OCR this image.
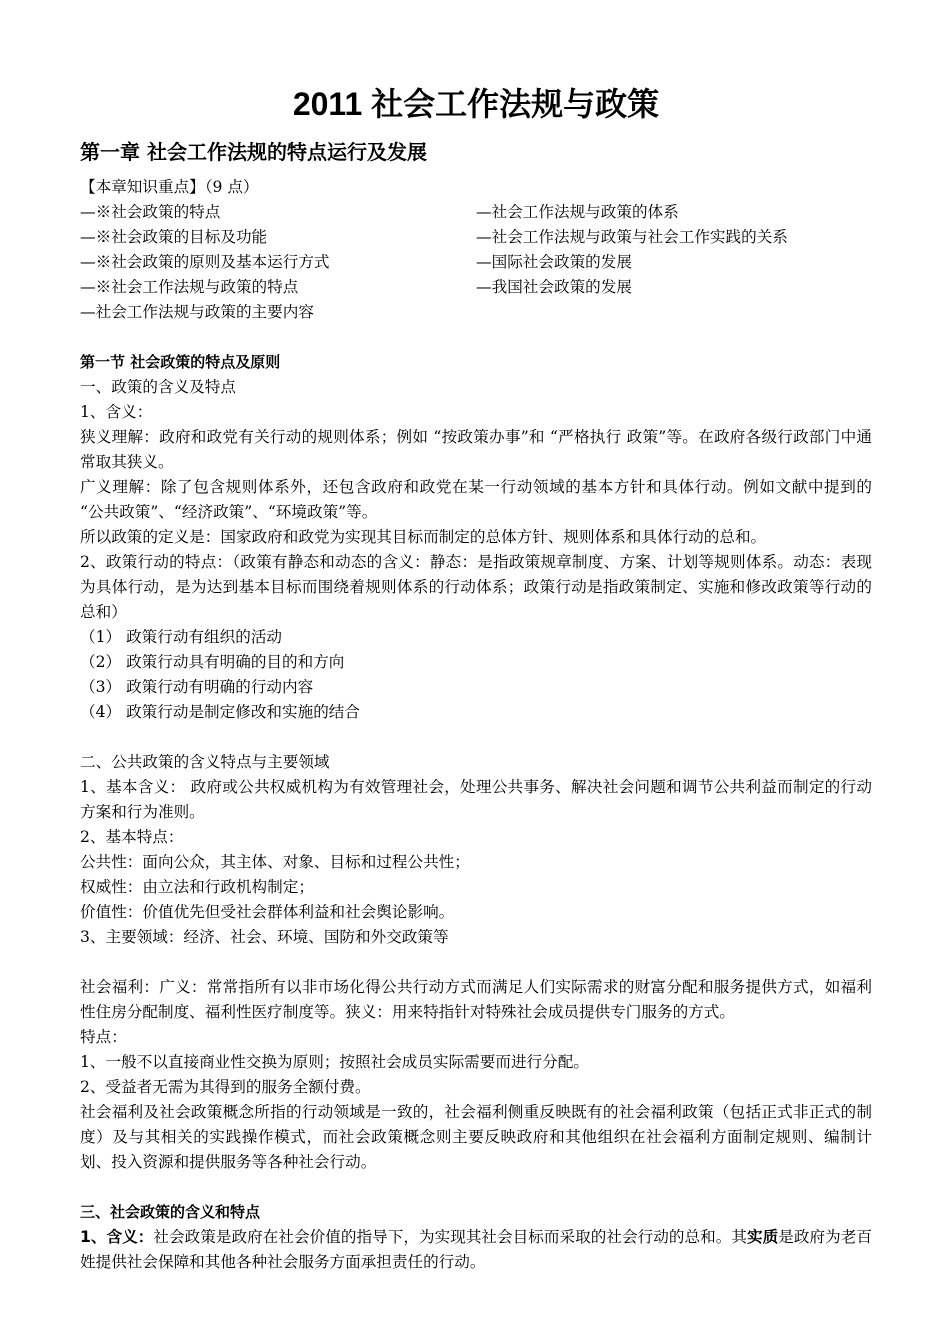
2011 社会工作法规与政策
第一章 社会工作法规的特点运行及发展

【本章知识重点】（9 点）

—※社会政策的特点

—※社会政策的目标及功能

—※社会政策的原则及基本运行方式

—※社会工作法规与政策的特点

—社会工作法规与政策的主要内容

—社会工作法规与政策的体系

—社会工作法规与政策与社会工作实践的关系

—国际社会政策的发展

—我国社会政策的发展

第一节 社会政策的特点及原则

一、政策的含义及特点

1、含义：

狭义理解：政府和政党有关行动的规则体系；例如 “按政策办事”和 “严格执行 政策”等。在政府各级行政部门中通常取其狭义。

广义理解：除了包含规则体系外，还包含政府和政党在某一行动领域的基本方针和具体行动。例如文献中提到的 “公共政策”、“经济政策”、“环境政策”等。

所以政策的定义是：国家政府和政党为实现其目标而制定的总体方针、规则体系和具体行动的总和。

2、政策行动的特点：（政策有静态和动态的含义：静态：是指政策规章制度、方案、计划等规则体系。动态：表现为具体行动，是为达到基本目标而围绕着规则体系的行动体系；政策行动是指政策制定、实施和修改政策等行动的总和）

（1） 政策行动有组织的活动

（2） 政策行动具有明确的目的和方向

（3） 政策行动有明确的行动内容

（4） 政策行动是制定修改和实施的结合

二、公共政策的含义特点与主要领域

1、基本含义： 政府或公共权威机构为有效管理社会，处理公共事务、解决社会问题和调节公共利益而制定的行动方案和行为准则。

2、基本特点：

公共性：面向公众，其主体、对象、目标和过程公共性；

权威性：由立法和行政机构制定；

价值性：价值优先但受社会群体利益和社会舆论影响。

3、主要领域：经济、社会、环境、国防和外交政策等

社会福利：广义：常常指所有以非市场化得公共行动方式而满足人们实际需求的财富分配和服务提供方式，如福利性住房分配制度、福利性医疗制度等。狭义：用来特指针对特殊社会成员提供专门服务的方式。

特点：

1、一般不以直接商业性交换为原则；按照社会成员实际需要而进行分配。

2、受益者无需为其得到的服务全额付费。

社会福利及社会政策概念所指的行动领域是一致的，社会福利侧重反映既有的社会福利政策（包括正式非正式的制度）及与其相关的实践操作模式，而社会政策概念则主要反映政府和其他组织在社会福利方面制定规则、编制计划、投入资源和提供服务等各种社会行动。

三、社会政策的含义和特点

1、含义：社会政策是政府在社会价值的指导下，为实现其社会目标而采取的社会行动的总和。其实质是政府为老百姓提供社会保障和其他各种社会服务方面承担责任的行动。
